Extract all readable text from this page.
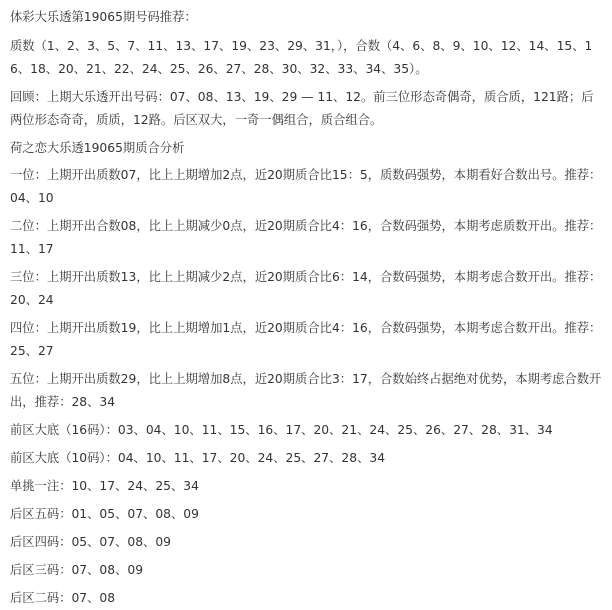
体彩大乐透第19065期号码推荐：

质数（1、2、3、5、7、11、13、17、19、23、29、31，），合数（4、6、8、9、10、12、14、15、16、18、20、21、22、24、25、26、27、28、30、32、33、34、35）。

回顾：上期大乐透开出号码：07、08、13、19、29 — 11、12。前三位形态奇偶奇，质合质，121路；后两位形态奇奇，质质，12路。后区双大，一奇一偶组合，质合组合。

荷之恋大乐透19065期质合分析

一位：上期开出质数07，比上上期增加2点，近20期质合比15：5，质数码强势，本期看好合数出号。推荐：04、10

二位：上期开出合数08，比上上期减少0点，近20期质合比4：16，合数码强势，本期考虑质数开出。推荐：11、17

三位：上期开出质数13，比上上期减少2点，近20期质合比6：14，合数码强势，本期考虑合数开出。推荐：20、24

四位：上期开出质数19，比上上期增加1点，近20期质合比4：16，合数码强势，本期考虑合数开出。推荐：25、27

五位：上期开出质数29，比上上期增加8点，近20期质合比3：17，合数始终占据绝对优势，本期考虑合数开出，推荐：28、34

前区大底（16码）：03、04、10、11、15、16、17、20、21、24、25、26、27、28、31、34

前区大底（10码）：04、10、11、17、20、24、25、27、28、34

单挑一注：10、17、24、25、34

后区五码：01、05、07、08、09

后区四码：05、07、08、09

后区三码：07、08、09

后区二码：07、08
